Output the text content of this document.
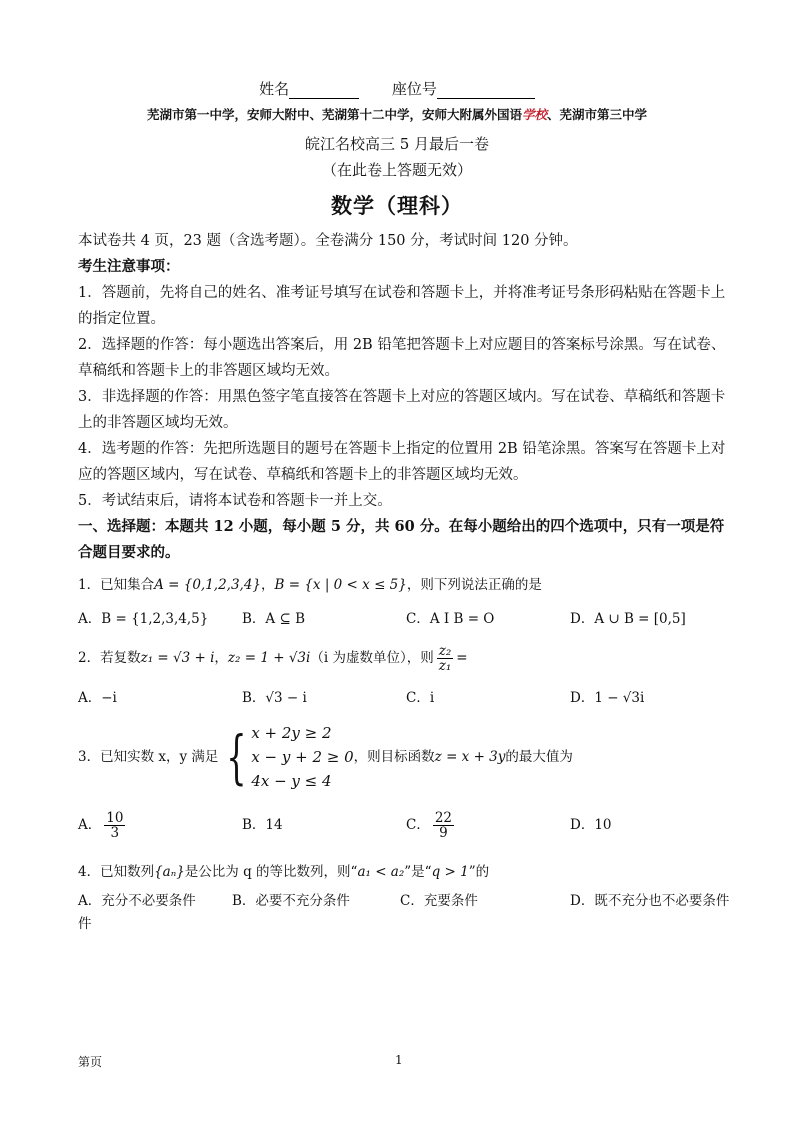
姓名	座位号
芜湖市第一中学，安师大附中、芜湖第十二中学，安师大附属外国语学校、芜湖市第三中学
皖江名校高三 5 月最后一卷
（在此卷上答题无效）
数学（理科）

本试卷共 4 页，23 题（含选考题）。全卷满分 150 分，考试时间 120 分钟。

考生注意事项：

1．答题前，先将自己的姓名、准考证号填写在试卷和答题卡上，并将准考证号条形码粘贴在答题卡上的指定位置。

2．选择题的作答：每小题选出答案后，用 2B 铅笔把答题卡上对应题目的答案标号涂黑。写在试卷、草稿纸和答题卡上的非答题区域均无效。

3．非选择题的作答：用黑色签字笔直接答在答题卡上对应的答题区域内。写在试卷、草稿纸和答题卡上的非答题区域均无效。

4．选考题的作答：先把所选题目的题号在答题卡上指定的位置用 2B 铅笔涂黑。答案写在答题卡上对应的答题区域内，写在试卷、草稿纸和答题卡上的非答题区域均无效。

5．考试结束后，请将本试卷和答题卡一并上交。

一、选择题：本题共 12 小题，每小题 5 分，共 60 分。在每小题给出的四个选项中，只有一项是符合题目要求的。

1．已知集合A = {0,1,2,3,4}，B = {x | 0 < x ≤ 5}，则下列说法正确的是
A．B = {1,2,3,4,5}	B．A ⊆ B	C．A I B = O	D．A ∪ B = [0,5]
2．若复数z₁ = √3 + i，z₂ = 1 + √3i（i 为虚数单位），则 $\frac{\text{z₂}}{\text{z₁}}$ =
A．−i	B．√3 − i	C．i	D．1 − √3i
3．已知实数 x，y 满足 { x + 2y ≥ 2
x − y + 2 ≥ 0
4x − y ≤ 4
，则目标函数 z = x + 3y 的最大值为
A． $\frac{10}{3}$	B．14	C． $\frac{22}{9}$	D．10
4．已知数列{aₙ}是公比为 q 的等比数列，则“a₁ < a₂”是“q > 1”的
A．充分不必要条件	B．必要不充分条件	C．充要条件	D．既不充分也不必要条件
件
第页	1
